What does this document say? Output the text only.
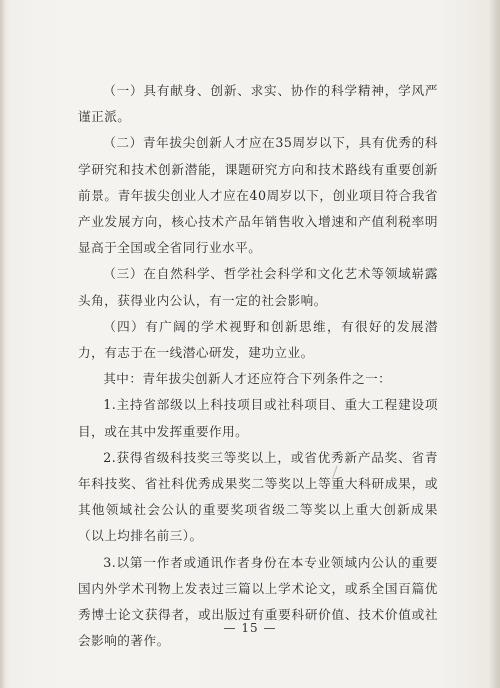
（一）具有献身、创新、求实、协作的科学精神，学风严谨正派。

（二）青年拔尖创新人才应在35周岁以下，具有优秀的科学研究和技术创新潜能，课题研究方向和技术路线有重要创新前景。青年拔尖创业人才应在40周岁以下，创业项目符合我省产业发展方向，核心技术产品年销售收入增速和产值利税率明显高于全国或全省同行业水平。

（三）在自然科学、哲学社会科学和文化艺术等领域崭露头角，获得业内公认，有一定的社会影响。

（四）有广阔的学术视野和创新思维，有很好的发展潜力，有志于在一线潜心研发，建功立业。

其中：青年拔尖创新人才还应符合下列条件之一：

1.主持省部级以上科技项目或社科项目、重大工程建设项目，或在其中发挥重要作用。

2.获得省级科技奖三等奖以上，或省优秀新产品奖、省青年科技奖、省社科优秀成果奖二等奖以上等重大科研成果，或其他领域社会公认的重要奖项省级二等奖以上重大创新成果（以上均排名前三）。

3.以第一作者或通讯作者身份在本专业领域内公认的重要国内外学术刊物上发表过三篇以上学术论文，或系全国百篇优秀博士论文获得者，或出版过有重要科研价值、技术价值或社会影响的著作。

— 15 —
